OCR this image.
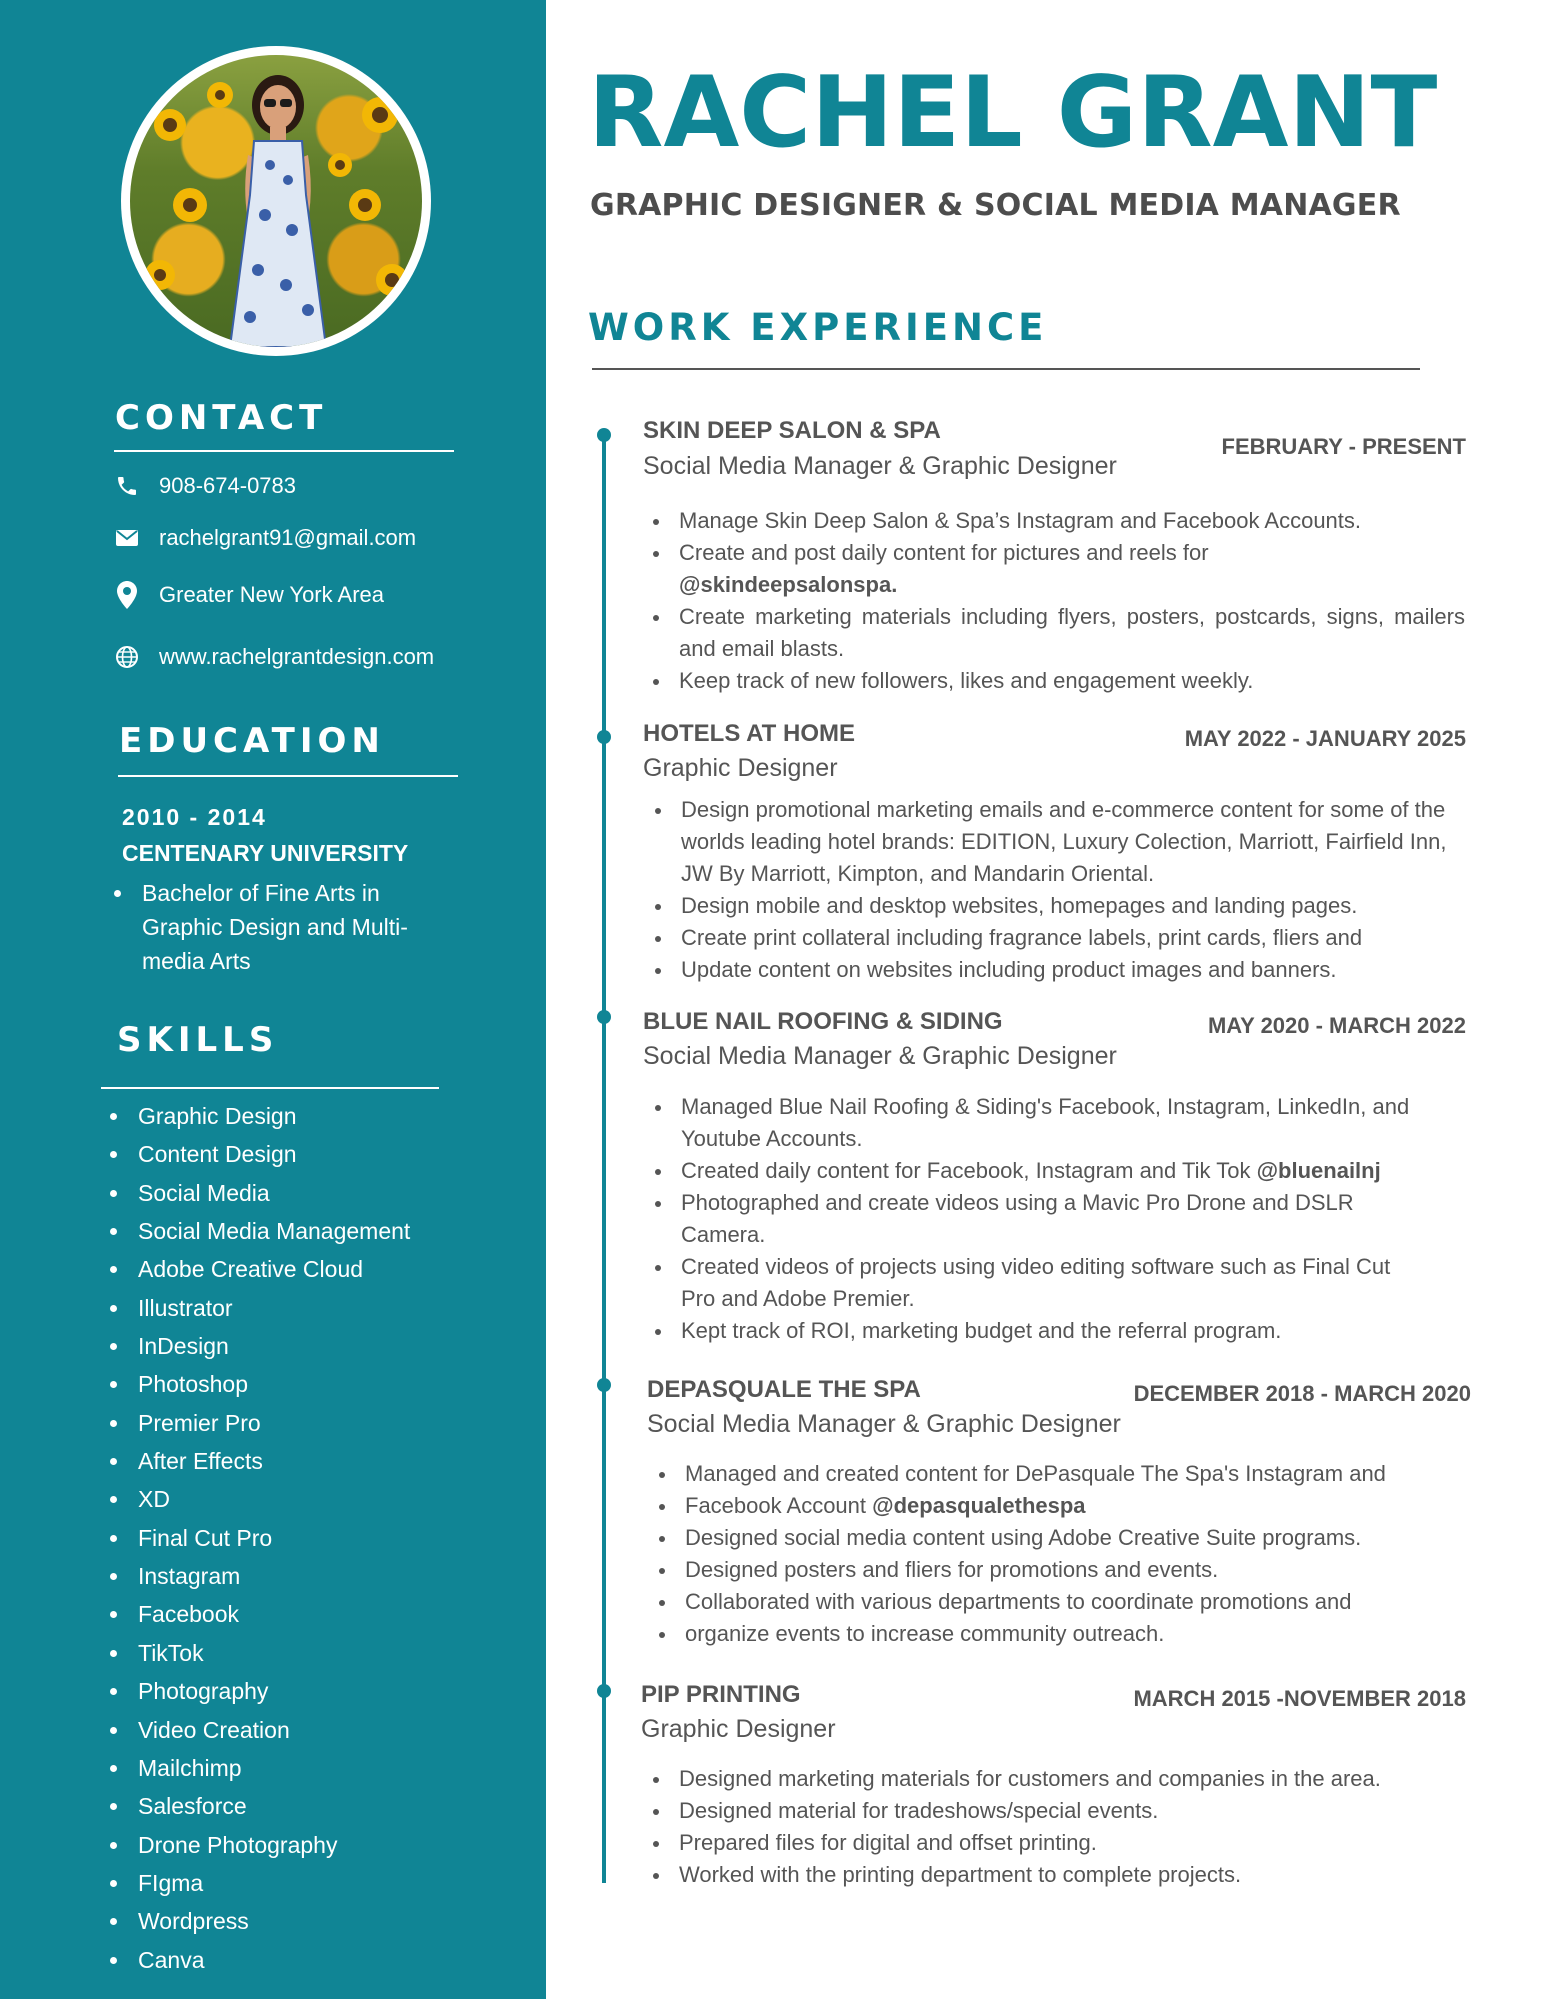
CONTACT
908-674-0783
rachelgrant91@gmail.com
Greater New York Area
www.rachelgrantdesign.com
EDUCATION
2010 - 2014
CENTENARY UNIVERSITY
Bachelor of Fine Arts in Graphic Design and Multi-media Arts
SKILLS
Graphic Design
Content Design
Social Media
Social Media Management
Adobe Creative Cloud
Illustrator
InDesign
Photoshop
Premier Pro
After Effects
XD
Final Cut Pro
Instagram
Facebook
TikTok
Photography
Video Creation
Mailchimp
Salesforce
Drone Photography
FIgma
Wordpress
Canva
RACHEL GRANT
GRAPHIC DESIGNER & SOCIAL MEDIA MANAGER
WORK EXPERIENCE
SKIN DEEP SALON & SPA
FEBRUARY - PRESENT
Social Media Manager & Graphic Designer
Manage Skin Deep Salon & Spa’s Instagram and Facebook Accounts.
Create and post daily content for pictures and reels for
@skindeepsalonspa.
Create marketing materials including flyers, posters, postcards, signs, mailers and email blasts.
Keep track of new followers, likes and engagement weekly.
HOTELS AT HOME	MAY 2022 - JANUARY 2025
Graphic Designer
Design promotional marketing emails and e-commerce content for some of the worlds leading hotel brands: EDITION, Luxury Colection, Marriott, Fairfield Inn, JW By Marriott, Kimpton, and Mandarin Oriental.
Design mobile and desktop websites, homepages and landing pages.
Create print collateral including fragrance labels, print cards, fliers and
Update content on websites including product images and banners.
BLUE NAIL ROOFING & SIDING	MAY 2020 - MARCH 2022
Social Media Manager & Graphic Designer
Managed Blue Nail Roofing & Siding's Facebook, Instagram, LinkedIn, and Youtube Accounts.
Created daily content for Facebook, Instagram and Tik Tok @bluenailnj
Photographed and create videos using a Mavic Pro Drone and DSLR Camera.
Created videos of projects using video editing software such as Final Cut Pro and Adobe Premier.
Kept track of ROI, marketing budget and the referral program.
DEPASQUALE THE SPA	DECEMBER 2018 - MARCH 2020
Social Media Manager & Graphic Designer
Managed and created content for DePasquale The Spa's Instagram and
Facebook Account @depasqualethespa
Designed social media content using Adobe Creative Suite programs.
Designed posters and fliers for promotions and events.
Collaborated with various departments to coordinate promotions and
organize events to increase community outreach.
PIP PRINTING	MARCH 2015 -NOVEMBER 2018
Graphic Designer
Designed marketing materials for customers and companies in the area.
Designed material for tradeshows/special events.
Prepared files for digital and offset printing.
Worked with the printing department to complete projects.
